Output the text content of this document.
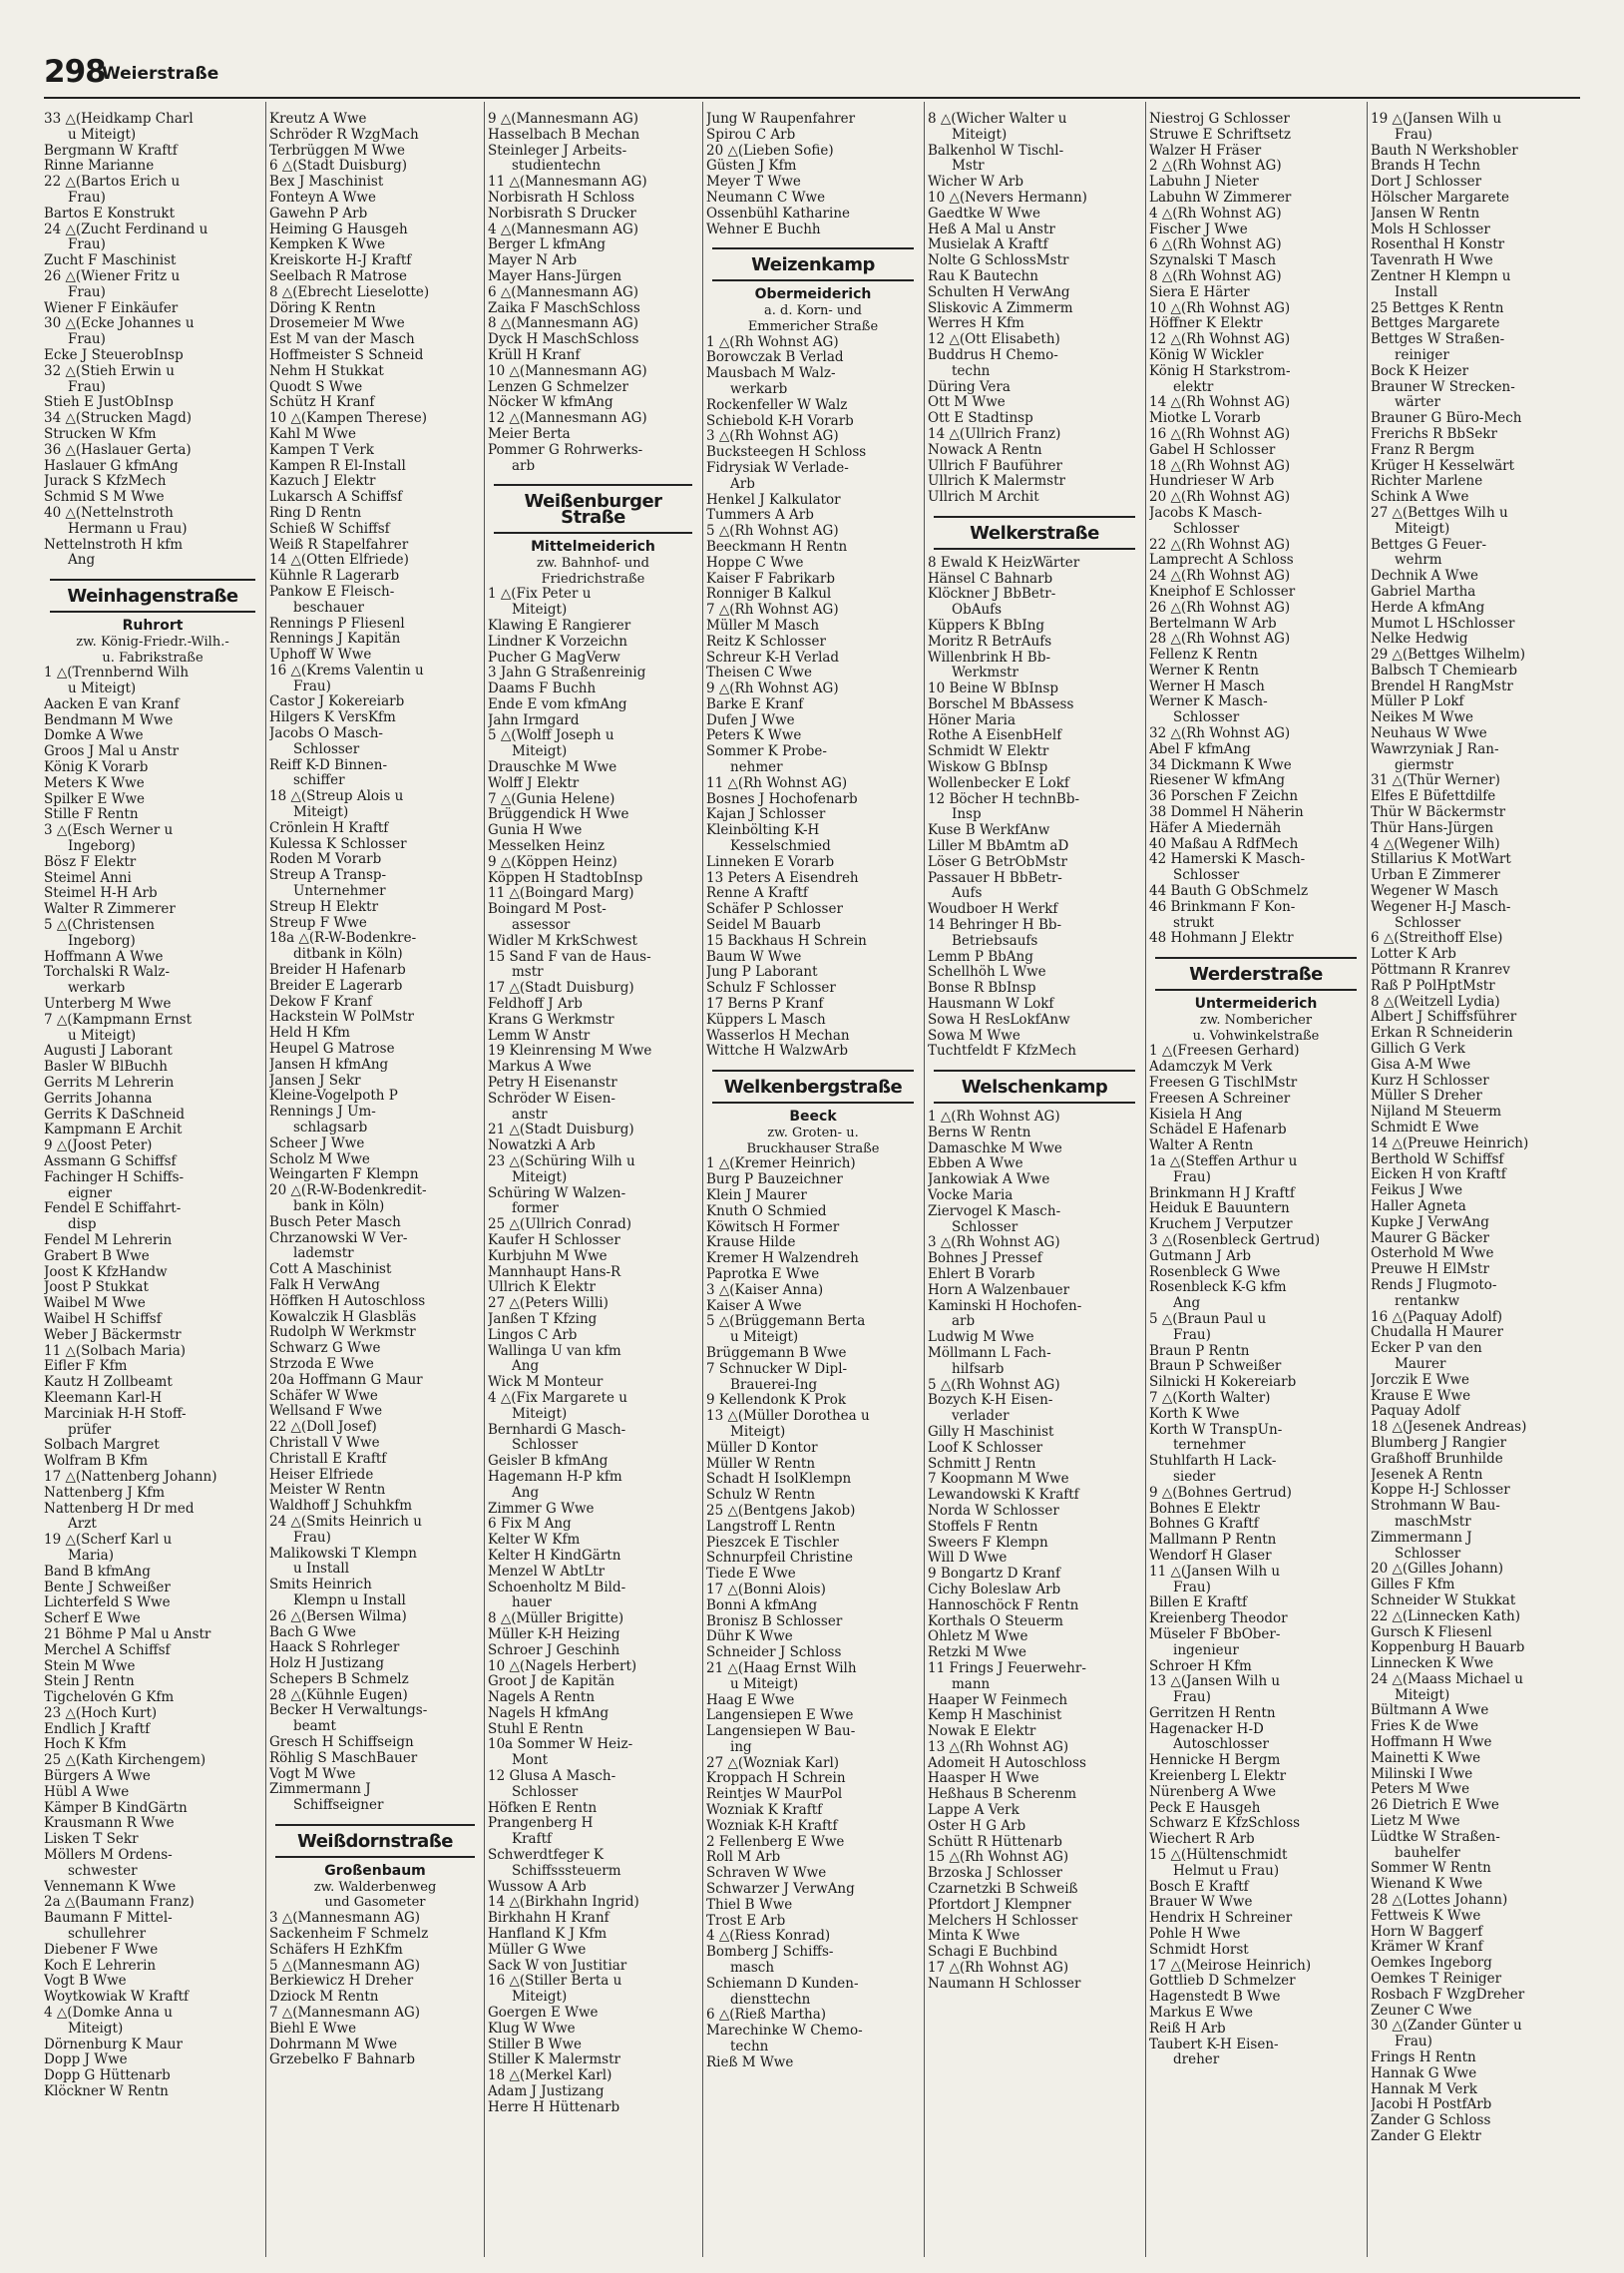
298
Weierstraße
33 △(Heidkamp Charl
u Miteigt)
Bergmann W Kraftf
Rinne Marianne
22 △(Bartos Erich u
Frau)
Bartos E Konstrukt
24 △(Zucht Ferdinand u
Frau)
Zucht F Maschinist
26 △(Wiener Fritz u
Frau)
Wiener F Einkäufer
30 △(Ecke Johannes u
Frau)
Ecke J SteuerobInsp
32 △(Stieh Erwin u
Frau)
Stieh E JustObInsp
34 △(Strucken Magd)
Strucken W Kfm
36 △(Haslauer Gerta)
Haslauer G kfmAng
Jurack S KfzMech
Schmid S M Wwe
40 △(Nettelnstroth
Hermann u Frau)
Nettelnstroth H kfm
Ang
Weinhagenstraße
Ruhrort
zw. König-Friedr.-Wilh.-
u. Fabrikstraße
1 △(Trennbernd Wilh
u Miteigt)
Aacken E van Kranf
Bendmann M Wwe
Domke A Wwe
Groos J Mal u Anstr
König K Vorarb
Meters K Wwe
Spilker E Wwe
Stille F Rentn
3 △(Esch Werner u
Ingeborg)
Bösz F Elektr
Steimel Anni
Steimel H-H Arb
Walter R Zimmerer
5 △(Christensen
Ingeborg)
Hoffmann A Wwe
Torchalski R Walz-
werkarb
Unterberg M Wwe
7 △(Kampmann Ernst
u Miteigt)
Augusti J Laborant
Basler W BlBuchh
Gerrits M Lehrerin
Gerrits Johanna
Gerrits K DaSchneid
Kampmann E Archit
9 △(Joost Peter)
Assmann G Schiffsf
Fachinger H Schiffs-
eigner
Fendel E Schiffahrt-
disp
Fendel M Lehrerin
Grabert B Wwe
Joost K KfzHandw
Joost P Stukkat
Waibel M Wwe
Waibel H Schiffsf
Weber J Bäckermstr
11 △(Solbach Maria)
Eifler F Kfm
Kautz H Zollbeamt
Kleemann Karl-H
Marciniak H-H Stoff-
prüfer
Solbach Margret
Wolfram B Kfm
17 △(Nattenberg Johann)
Nattenberg J Kfm
Nattenberg H Dr med
Arzt
19 △(Scherf Karl u
Maria)
Band B kfmAng
Bente J Schweißer
Lichterfeld S Wwe
Scherf E Wwe
21 Böhme P Mal u Anstr
Merchel A Schiffsf
Stein M Wwe
Stein J Rentn
Tigchelovén G Kfm
23 △(Hoch Kurt)
Endlich J Kraftf
Hoch K Kfm
25 △(Kath Kirchengem)
Bürgers A Wwe
Hübl A Wwe
Kämper B KindGärtn
Krausmann R Wwe
Lisken T Sekr
Möllers M Ordens-
schwester
Vennemann K Wwe
2a △(Baumann Franz)
Baumann F Mittel-
schullehrer
Diebener F Wwe
Koch E Lehrerin
Vogt B Wwe
Woytkowiak W Kraftf
4 △(Domke Anna u
Miteigt)
Dörnenburg K Maur
Dopp J Wwe
Dopp G Hüttenarb
Klöckner W Rentn
Kreutz A Wwe
Schröder R WzgMach
Terbrüggen M Wwe
6 △(Stadt Duisburg)
Bex J Maschinist
Fonteyn A Wwe
Gawehn P Arb
Heiming G Hausgeh
Kempken K Wwe
Kreiskorte H-J Kraftf
Seelbach R Matrose
8 △(Ebrecht Lieselotte)
Döring K Rentn
Drosemeier M Wwe
Est M van der Masch
Hoffmeister S Schneid
Nehm H Stukkat
Quodt S Wwe
Schütz H Kranf
10 △(Kampen Therese)
Kahl M Wwe
Kampen T Verk
Kampen R El-Install
Kazuch J Elektr
Lukarsch A Schiffsf
Ring D Rentn
Schieß W Schiffsf
Weiß R Stapelfahrer
14 △(Otten Elfriede)
Kühnle R Lagerarb
Pankow E Fleisch-
beschauer
Rennings P Fliesenl
Rennings J Kapitän
Uphoff W Wwe
16 △(Krems Valentin u
Frau)
Castor J Kokereiarb
Hilgers K VersKfm
Jacobs O Masch-
Schlosser
Reiff K-D Binnen-
schiffer
18 △(Streup Alois u
Miteigt)
Crönlein H Kraftf
Kulessa K Schlosser
Roden M Vorarb
Streup A Transp-
Unternehmer
Streup H Elektr
Streup F Wwe
18a △(R-W-Bodenkre-
ditbank in Köln)
Breider H Hafenarb
Breider E Lagerarb
Dekow F Kranf
Hackstein W PolMstr
Held H Kfm
Heupel G Matrose
Jansen H kfmAng
Jansen J Sekr
Kleine-Vogelpoth P
Rennings J Um-
schlagsarb
Scheer J Wwe
Scholz M Wwe
Weingarten F Klempn
20 △(R-W-Bodenkredit-
bank in Köln)
Busch Peter Masch
Chrzanowski W Ver-
lademstr
Cott A Maschinist
Falk H VerwAng
Höffken H Autoschloss
Kowalczik H Glasbläs
Rudolph W Werkmstr
Schwarz G Wwe
Strzoda E Wwe
20a Hoffmann G Maur
Schäfer W Wwe
Wellsand F Wwe
22 △(Doll Josef)
Christall V Wwe
Christall E Kraftf
Heiser Elfriede
Meister W Rentn
Waldhoff J Schuhkfm
24 △(Smits Heinrich u
Frau)
Malikowski T Klempn
u Install
Smits Heinrich
Klempn u Install
26 △(Bersen Wilma)
Bach G Wwe
Haack S Rohrleger
Holz H Justizang
Schepers B Schmelz
28 △(Kühnle Eugen)
Becker H Verwaltungs-
beamt
Gresch H Schiffseign
Röhlig S MaschBauer
Vogt M Wwe
Zimmermann J
Schiffseigner
Weißdornstraße
Großenbaum
zw. Walderbenweg
und Gasometer
3 △(Mannesmann AG)
Sackenheim F Schmelz
Schäfers H EzhKfm
5 △(Mannesmann AG)
Berkiewicz H Dreher
Dziock M Rentn
7 △(Mannesmann AG)
Biehl E Wwe
Dohrmann M Wwe
Grzebelko F Bahnarb
9 △(Mannesmann AG)
Hasselbach B Mechan
Steinleger J Arbeits-
studientechn
11 △(Mannesmann AG)
Norbisrath H Schloss
Norbisrath S Drucker
4 △(Mannesmann AG)
Berger L kfmAng
Mayer N Arb
Mayer Hans-Jürgen
6 △(Mannesmann AG)
Zaika F MaschSchloss
8 △(Mannesmann AG)
Dyck H MaschSchloss
Krüll H Kranf
10 △(Mannesmann AG)
Lenzen G Schmelzer
Nöcker W kfmAng
12 △(Mannesmann AG)
Meier Berta
Pommer G Rohrwerks-
arb
Weißenburger Straße
Mittelmeiderich
zw. Bahnhof- und
Friedrichstraße
1 △(Fix Peter u
Miteigt)
Klawing E Rangierer
Lindner K Vorzeichn
Pucher G MagVerw
3 Jahn G Straßenreinig
Daams F Buchh
Ende E vom kfmAng
Jahn Irmgard
5 △(Wolff Joseph u
Miteigt)
Drauschke M Wwe
Wolff J Elektr
7 △(Gunia Helene)
Brüggendick H Wwe
Gunia H Wwe
Messelken Heinz
9 △(Köppen Heinz)
Köppen H StadtobInsp
11 △(Boingard Marg)
Boingard M Post-
assessor
Widler M KrkSchwest
15 Sand F van de Haus-
mstr
17 △(Stadt Duisburg)
Feldhoff J Arb
Krans G Werkmstr
Lemm W Anstr
19 Kleinrensing M Wwe
Markus A Wwe
Petry H Eisenanstr
Schröder W Eisen-
anstr
21 △(Stadt Duisburg)
Nowatzki A Arb
23 △(Schüring Wilh u
Miteigt)
Schüring W Walzen-
former
25 △(Ullrich Conrad)
Kaufer H Schlosser
Kurbjuhn M Wwe
Mannhaupt Hans-R
Ullrich K Elektr
27 △(Peters Willi)
Janßen T Kfzing
Lingos C Arb
Wallinga U van kfm
Ang
Wick M Monteur
4 △(Fix Margarete u
Miteigt)
Bernhardi G Masch-
Schlosser
Geisler B kfmAng
Hagemann H-P kfm
Ang
Zimmer G Wwe
6 Fix M Ang
Kelter W Kfm
Kelter H KindGärtn
Menzel W AbtLtr
Schoenholtz M Bild-
hauer
8 △(Müller Brigitte)
Müller K-H Heizing
Schroer J Geschinh
10 △(Nagels Herbert)
Groot J de Kapitän
Nagels A Rentn
Nagels H kfmAng
Stuhl E Rentn
10a Sommer W Heiz-
Mont
12 Glusa A Masch-
Schlosser
Höfken E Rentn
Prangenberg H
Kraftf
Schwerdtfeger K
Schiffsssteuerm
Wussow A Arb
14 △(Birkhahn Ingrid)
Birkhahn H Kranf
Hanfland K J Kfm
Müller G Wwe
Sack W von Justitiar
16 △(Stiller Berta u
Miteigt)
Goergen E Wwe
Klug W Wwe
Stiller B Wwe
Stiller K Malermstr
18 △(Merkel Karl)
Adam J Justizang
Herre H Hüttenarb
Jung W Raupenfahrer
Spirou C Arb
20 △(Lieben Sofie)
Güsten J Kfm
Meyer T Wwe
Neumann C Wwe
Ossenbühl Katharine
Wehner E Buchh
Weizenkamp
Obermeiderich
a. d. Korn- und
Emmericher Straße
1 △(Rh Wohnst AG)
Borowczak B Verlad
Mausbach M Walz-
werkarb
Rockenfeller W Walz
Schiebold K-H Vorarb
3 △(Rh Wohnst AG)
Bucksteegen H Schloss
Fidrysiak W Verlade-
Arb
Henkel J Kalkulator
Tummers A Arb
5 △(Rh Wohnst AG)
Beeckmann H Rentn
Hoppe C Wwe
Kaiser F Fabrikarb
Ronniger B Kalkul
7 △(Rh Wohnst AG)
Müller M Masch
Reitz K Schlosser
Schreur K-H Verlad
Theisen C Wwe
9 △(Rh Wohnst AG)
Barke E Kranf
Dufen J Wwe
Peters K Wwe
Sommer K Probe-
nehmer
11 △(Rh Wohnst AG)
Bosnes J Hochofenarb
Kajan J Schlosser
Kleinbölting K-H
Kesselschmied
Linneken E Vorarb
13 Peters A Eisendreh
Renne A Kraftf
Schäfer P Schlosser
Seidel M Bauarb
15 Backhaus H Schrein
Baum W Wwe
Jung P Laborant
Schulz F Schlosser
17 Berns P Kranf
Küppers L Masch
Wasserlos H Mechan
Wittche H WalzwArb
Welkenbergstraße
Beeck
zw. Groten- u.
Bruckhauser Straße
1 △(Kremer Heinrich)
Burg P Bauzeichner
Klein J Maurer
Knuth O Schmied
Köwitsch H Former
Krause Hilde
Kremer H Walzendreh
Paprotka E Wwe
3 △(Kaiser Anna)
Kaiser A Wwe
5 △(Brüggemann Berta
u Miteigt)
Brüggemann B Wwe
7 Schnucker W Dipl-
Brauerei-Ing
9 Kellendonk K Prok
13 △(Müller Dorothea u
Miteigt)
Müller D Kontor
Müller W Rentn
Schadt H IsolKlempn
Schulz W Rentn
25 △(Bentgens Jakob)
Langstroff L Rentn
Pieszcek E Tischler
Schnurpfeil Christine
Tiede E Wwe
17 △(Bonni Alois)
Bonni A kfmAng
Bronisz B Schlosser
Dühr K Wwe
Schneider J Schloss
21 △(Haag Ernst Wilh
u Miteigt)
Haag E Wwe
Langensiepen E Wwe
Langensiepen W Bau-
ing
27 △(Wozniak Karl)
Kroppach H Schrein
Reintjes W MaurPol
Wozniak K Kraftf
Wozniak K-H Kraftf
2 Fellenberg E Wwe
Roll M Arb
Schraven W Wwe
Schwarzer J VerwAng
Thiel B Wwe
Trost E Arb
4 △(Riess Konrad)
Bomberg J Schiffs-
masch
Schiemann D Kunden-
diensttechn
6 △(Rieß Martha)
Marechinke W Chemo-
techn
Rieß M Wwe
8 △(Wicher Walter u
Miteigt)
Balkenhol W Tischl-
Mstr
Wicher W Arb
10 △(Nevers Hermann)
Gaedtke W Wwe
Heß A Mal u Anstr
Musielak A Kraftf
Nolte G SchlossMstr
Rau K Bautechn
Schulten H VerwAng
Sliskovic A Zimmerm
Werres H Kfm
12 △(Ott Elisabeth)
Buddrus H Chemo-
techn
Düring Vera
Ott M Wwe
Ott E Stadtinsp
14 △(Ullrich Franz)
Nowack A Rentn
Ullrich F Bauführer
Ullrich K Malermstr
Ullrich M Archit
Welkerstraße
8 Ewald K HeizWärter
Hänsel C Bahnarb
Klöckner J BbBetr-
ObAufs
Küppers K BbIng
Moritz R BetrAufs
Willenbrink H Bb-
Werkmstr
10 Beine W BbInsp
Borschel M BbAssess
Höner Maria
Rothe A EisenbHelf
Schmidt W Elektr
Wiskow G BbInsp
Wollenbecker E Lokf
12 Böcher H technBb-
Insp
Kuse B WerkfAnw
Liller M BbAmtm aD
Löser G BetrObMstr
Passauer H BbBetr-
Aufs
Woudboer H Werkf
14 Behringer H Bb-
Betriebsaufs
Lemm P BbAng
Schellhöh L Wwe
Bonse R BbInsp
Hausmann W Lokf
Sowa H ResLokfAnw
Sowa M Wwe
Tuchtfeldt F KfzMech
Welschenkamp
1 △(Rh Wohnst AG)
Berns W Rentn
Damaschke M Wwe
Ebben A Wwe
Jankowiak A Wwe
Vocke Maria
Ziervogel K Masch-
Schlosser
3 △(Rh Wohnst AG)
Bohnes J Pressef
Ehlert B Vorarb
Horn A Walzenbauer
Kaminski H Hochofen-
arb
Ludwig M Wwe
Möllmann L Fach-
hilfsarb
5 △(Rh Wohnst AG)
Bozych K-H Eisen-
verlader
Gilly H Maschinist
Loof K Schlosser
Schmitt J Rentn
7 Koopmann M Wwe
Lewandowski K Kraftf
Norda W Schlosser
Stoffels F Rentn
Sweers F Klempn
Will D Wwe
9 Bongartz D Kranf
Cichy Boleslaw Arb
Hannoschöck F Rentn
Korthals O Steuerm
Ohletz M Wwe
Retzki M Wwe
11 Frings J Feuerwehr-
mann
Haaper W Feinmech
Kemp H Maschinist
Nowak E Elektr
13 △(Rh Wohnst AG)
Adomeit H Autoschloss
Haasper H Wwe
Heßhaus B Scherenm
Lappe A Verk
Oster H G Arb
Schütt R Hüttenarb
15 △(Rh Wohnst AG)
Brzoska J Schlosser
Czarnetzki B Schweiß
Pfortdort J Klempner
Melchers H Schlosser
Minta K Wwe
Schagi E Buchbind
17 △(Rh Wohnst AG)
Naumann H Schlosser
Niestroj G Schlosser
Struwe E Schriftsetz
Walzer H Fräser
2 △(Rh Wohnst AG)
Labuhn J Nieter
Labuhn W Zimmerer
4 △(Rh Wohnst AG)
Fischer J Wwe
6 △(Rh Wohnst AG)
Szynalski T Masch
8 △(Rh Wohnst AG)
Siera E Härter
10 △(Rh Wohnst AG)
Höffner K Elektr
12 △(Rh Wohnst AG)
König W Wickler
König H Starkstrom-
elektr
14 △(Rh Wohnst AG)
Miotke L Vorarb
16 △(Rh Wohnst AG)
Gabel H Schlosser
18 △(Rh Wohnst AG)
Hundrieser W Arb
20 △(Rh Wohnst AG)
Jacobs K Masch-
Schlosser
22 △(Rh Wohnst AG)
Lamprecht A Schloss
24 △(Rh Wohnst AG)
Kneiphof E Schlosser
26 △(Rh Wohnst AG)
Bertelmann W Arb
28 △(Rh Wohnst AG)
Fellenz K Rentn
Werner K Rentn
Werner H Masch
Werner K Masch-
Schlosser
32 △(Rh Wohnst AG)
Abel F kfmAng
34 Dickmann K Wwe
Riesener W kfmAng
36 Porschen F Zeichn
38 Dommel H Näherin
Häfer A Miedernäh
40 Maßau A RdfMech
42 Hamerski K Masch-
Schlosser
44 Bauth G ObSchmelz
46 Brinkmann F Kon-
strukt
48 Hohmann J Elektr
Werderstraße
Untermeiderich
zw. Nombericher
u. Vohwinkelstraße
1 △(Freesen Gerhard)
Adamczyk M Verk
Freesen G TischlMstr
Freesen A Schreiner
Kisiela H Ang
Schädel E Hafenarb
Walter A Rentn
1a △(Steffen Arthur u
Frau)
Brinkmann H J Kraftf
Heiduk E Bauuntern
Kruchem J Verputzer
3 △(Rosenbleck Gertrud)
Gutmann J Arb
Rosenbleck G Wwe
Rosenbleck K-G kfm
Ang
5 △(Braun Paul u
Frau)
Braun P Rentn
Braun P Schweißer
Silnicki H Kokereiarb
7 △(Korth Walter)
Korth K Wwe
Korth W TranspUn-
ternehmer
Stuhlfarth H Lack-
sieder
9 △(Bohnes Gertrud)
Bohnes E Elektr
Bohnes G Kraftf
Mallmann P Rentn
Wendorf H Glaser
11 △(Jansen Wilh u
Frau)
Billen E Kraftf
Kreienberg Theodor
Müseler F BbOber-
ingenieur
Schroer H Kfm
13 △(Jansen Wilh u
Frau)
Gerritzen H Rentn
Hagenacker H-D
Autoschlosser
Hennicke H Bergm
Kreienberg L Elektr
Nürenberg A Wwe
Peck E Hausgeh
Schwarz E KfzSchloss
Wiechert R Arb
15 △(Hültenschmidt
Helmut u Frau)
Bosch E Kraftf
Brauer W Wwe
Hendrix H Schreiner
Pohle H Wwe
Schmidt Horst
17 △(Meirose Heinrich)
Gottlieb D Schmelzer
Hagenstedt B Wwe
Markus E Wwe
Reiß H Arb
Taubert K-H Eisen-
dreher
19 △(Jansen Wilh u
Frau)
Bauth N Werkshobler
Brands H Techn
Dort J Schlosser
Hölscher Margarete
Jansen W Rentn
Mols H Schlosser
Rosenthal H Konstr
Tavenrath H Wwe
Zentner H Klempn u
Install
25 Bettges K Rentn
Bettges Margarete
Bettges W Straßen-
reiniger
Bock K Heizer
Brauner W Strecken-
wärter
Brauner G Büro-Mech
Frerichs R BbSekr
Franz R Bergm
Krüger H Kesselwärt
Richter Marlene
Schink A Wwe
27 △(Bettges Wilh u
Miteigt)
Bettges G Feuer-
wehrm
Dechnik A Wwe
Gabriel Martha
Herde A kfmAng
Mumot L HSchlosser
Nelke Hedwig
29 △(Bettges Wilhelm)
Balbsch T Chemiearb
Brendel H RangMstr
Müller P Lokf
Neikes M Wwe
Neuhaus W Wwe
Wawrzyniak J Ran-
giermstr
31 △(Thür Werner)
Elfes E Büfettdilfe
Thür W Bäckermstr
Thür Hans-Jürgen
4 △(Wegener Wilh)
Stillarius K MotWart
Urban E Zimmerer
Wegener W Masch
Wegener H-J Masch-
Schlosser
6 △(Streithoff Else)
Lotter K Arb
Pöttmann R Kranrev
Raß P PolHptMstr
8 △(Weitzell Lydia)
Albert J Schiffsführer
Erkan R Schneiderin
Gillich G Verk
Gisa A-M Wwe
Kurz H Schlosser
Müller S Dreher
Nijland M Steuerm
Schmidt E Wwe
14 △(Preuwe Heinrich)
Berthold W Schiffsf
Eicken H von Kraftf
Feikus J Wwe
Haller Agneta
Kupke J VerwAng
Maurer G Bäcker
Osterhold M Wwe
Preuwe H ElMstr
Rends J Flugmoto-
rentankw
16 △(Paquay Adolf)
Chudalla H Maurer
Ecker P van den
Maurer
Jorczik E Wwe
Krause E Wwe
Paquay Adolf
18 △(Jesenek Andreas)
Blumberg J Rangier
Graßhoff Brunhilde
Jesenek A Rentn
Koppe H-J Schlosser
Strohmann W Bau-
maschMstr
Zimmermann J
Schlosser
20 △(Gilles Johann)
Gilles F Kfm
Schneider W Stukkat
22 △(Linnecken Kath)
Gursch K Fliesenl
Koppenburg H Bauarb
Linnecken K Wwe
24 △(Maass Michael u
Miteigt)
Bültmann A Wwe
Fries K de Wwe
Hoffmann H Wwe
Mainetti K Wwe
Milinski I Wwe
Peters M Wwe
26 Dietrich E Wwe
Lietz M Wwe
Lüdtke W Straßen-
bauhelfer
Sommer W Rentn
Wienand K Wwe
28 △(Lottes Johann)
Fettweis K Wwe
Horn W Baggerf
Krämer W Kranf
Oemkes Ingeborg
Oemkes T Reiniger
Rosbach F WzgDreher
Zeuner C Wwe
30 △(Zander Günter u
Frau)
Frings H Rentn
Hannak G Wwe
Hannak M Verk
Jacobi H PostfArb
Zander G Schloss
Zander G Elektr
